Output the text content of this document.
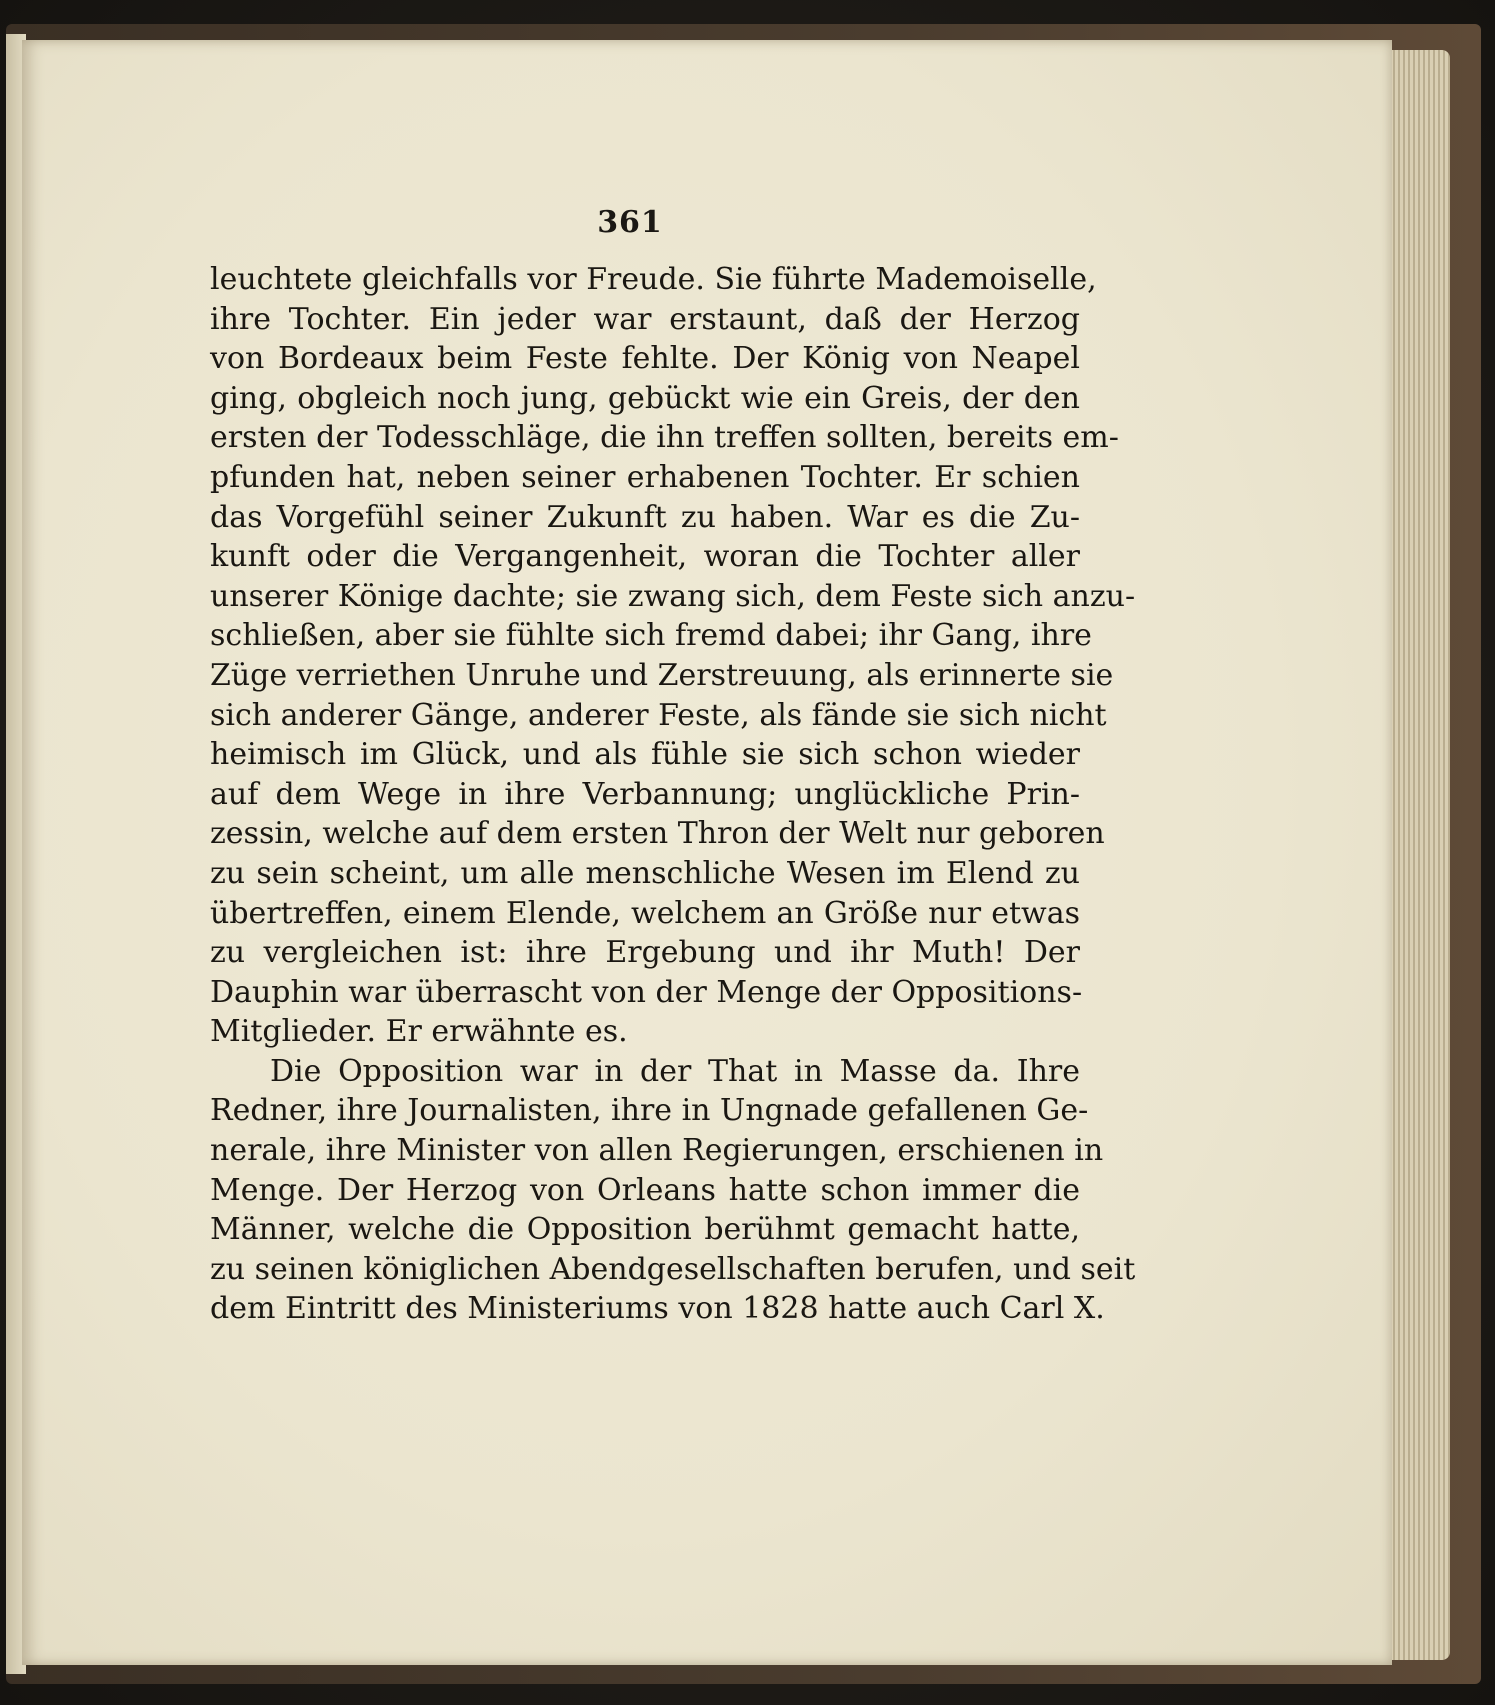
361
leuchtete gleichfalls vor Freude. Sie führte Mademoiselle,
ihre Tochter. Ein jeder war erstaunt, daß der Herzog
von Bordeaux beim Feste fehlte. Der König von Neapel
ging, obgleich noch jung, gebückt wie ein Greis, der den
ersten der Todesschläge, die ihn treffen sollten, bereits em-
pfunden hat, neben seiner erhabenen Tochter. Er schien
das Vorgefühl seiner Zukunft zu haben. War es die Zu-
kunft oder die Vergangenheit, woran die Tochter aller
unserer Könige dachte; sie zwang sich, dem Feste sich anzu-
schließen, aber sie fühlte sich fremd dabei; ihr Gang, ihre
Züge verriethen Unruhe und Zerstreuung, als erinnerte sie
sich anderer Gänge, anderer Feste, als fände sie sich nicht
heimisch im Glück, und als fühle sie sich schon wieder
auf dem Wege in ihre Verbannung; unglückliche Prin-
zessin, welche auf dem ersten Thron der Welt nur geboren
zu sein scheint, um alle menschliche Wesen im Elend zu
übertreffen, einem Elende, welchem an Größe nur etwas
zu vergleichen ist: ihre Ergebung und ihr Muth! Der
Dauphin war überrascht von der Menge der Oppositions-
Mitglieder. Er erwähnte es.
Die Opposition war in der That in Masse da. Ihre
Redner, ihre Journalisten, ihre in Ungnade gefallenen Ge-
nerale, ihre Minister von allen Regierungen, erschienen in
Menge. Der Herzog von Orleans hatte schon immer die
Männer, welche die Opposition berühmt gemacht hatte,
zu seinen königlichen Abendgesellschaften berufen, und seit
dem Eintritt des Ministeriums von 1828 hatte auch Carl X.
